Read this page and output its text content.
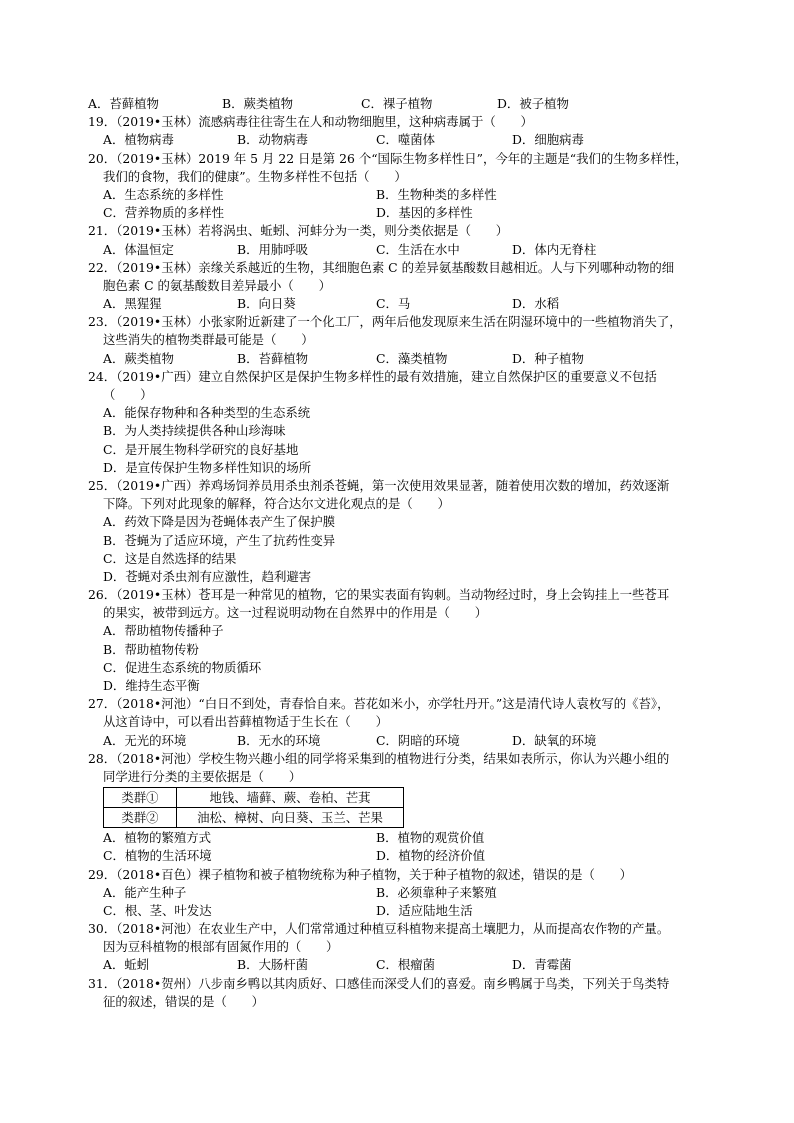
A．苔藓植物	B．蕨类植物	C．裸子植物	D．被子植物
19．（2019•玉林）流感病毒往往寄生在人和动物细胞里，这种病毒属于（　　）
A．植物病毒	B．动物病毒	C．噬菌体	D．细胞病毒
20．（2019•玉林）2019 年 5 月 22 日是第 26 个“国际生物多样性日”，今年的主题是“我们的生物多样性，
我们的食物，我们的健康”。生物多样性不包括（　　）
A．生态系统的多样性	B．生物种类的多样性
C．营养物质的多样性	D．基因的多样性
21．（2019•玉林）若将涡虫、蚯蚓、河蚌分为一类，则分类依据是（　　）
A．体温恒定	B．用肺呼吸	C．生活在水中	D．体内无脊柱
22．（2019•玉林）亲缘关系越近的生物，其细胞色素 C 的差异氨基酸数目越相近。人与下列哪种动物的细
胞色素 C 的氨基酸数目差异最小（　　）
A．黑猩猩	B．向日葵	C．马	D．水稻
23．（2019•玉林）小张家附近新建了一个化工厂，两年后他发现原来生活在阴湿环境中的一些植物消失了，
这些消失的植物类群最可能是（　　）
A．蕨类植物	B．苔藓植物	C．藻类植物	D．种子植物
24．（2019•广西）建立自然保护区是保护生物多样性的最有效措施，建立自然保护区的重要意义不包括
（　　）
A．能保存物种和各种类型的生态系统
B．为人类持续提供各种山珍海味
C．是开展生物科学研究的良好基地
D．是宣传保护生物多样性知识的场所
25．（2019•广西）养鸡场饲养员用杀虫剂杀苍蝇，第一次使用效果显著，随着使用次数的增加，药效逐渐
下降。下列对此现象的解释，符合达尔文进化观点的是（　　）
A．药效下降是因为苍蝇体表产生了保护膜
B．苍蝇为了适应环境，产生了抗药性变异
C．这是自然选择的结果
D．苍蝇对杀虫剂有应激性，趋利避害
26．（2019•玉林）苍耳是一种常见的植物，它的果实表面有钩刺。当动物经过时，身上会钩挂上一些苍耳
的果实，被带到远方。这一过程说明动物在自然界中的作用是（　　）
A．帮助植物传播种子
B．帮助植物传粉
C．促进生态系统的物质循环
D．维持生态平衡
27．（2018•河池）“白日不到处，青春恰自来。苔花如米小，亦学牡丹开。”这是清代诗人袁枚写的《苔》，
从这首诗中，可以看出苔藓植物适于生长在（　　）
A．无光的环境	B．无水的环境	C．阴暗的环境	D．缺氧的环境
28．（2018•河池）学校生物兴趣小组的同学将采集到的植物进行分类，结果如表所示，你认为兴趣小组的
同学进行分类的主要依据是（　　）
类群①	地钱、墙藓、蕨、卷柏、芒萁
类群②	油松、樟树、向日葵、玉兰、芒果
A．植物的繁殖方式	B．植物的观赏价值
C．植物的生活环境	D．植物的经济价值
29．（2018•百色）裸子植物和被子植物统称为种子植物，关于种子植物的叙述，错误的是（　　）
A．能产生种子	B．必须靠种子来繁殖
C．根、茎、叶发达	D．适应陆地生活
30．（2018•河池）在农业生产中，人们常常通过种植豆科植物来提高土壤肥力，从而提高农作物的产量。
因为豆科植物的根部有固氮作用的（　　）
A．蚯蚓	B．大肠杆菌	C．根瘤菌	D．青霉菌
31．（2018•贺州）八步南乡鸭以其肉质好、口感佳而深受人们的喜爱。南乡鸭属于鸟类，下列关于鸟类特
征的叙述，错误的是（　　）
